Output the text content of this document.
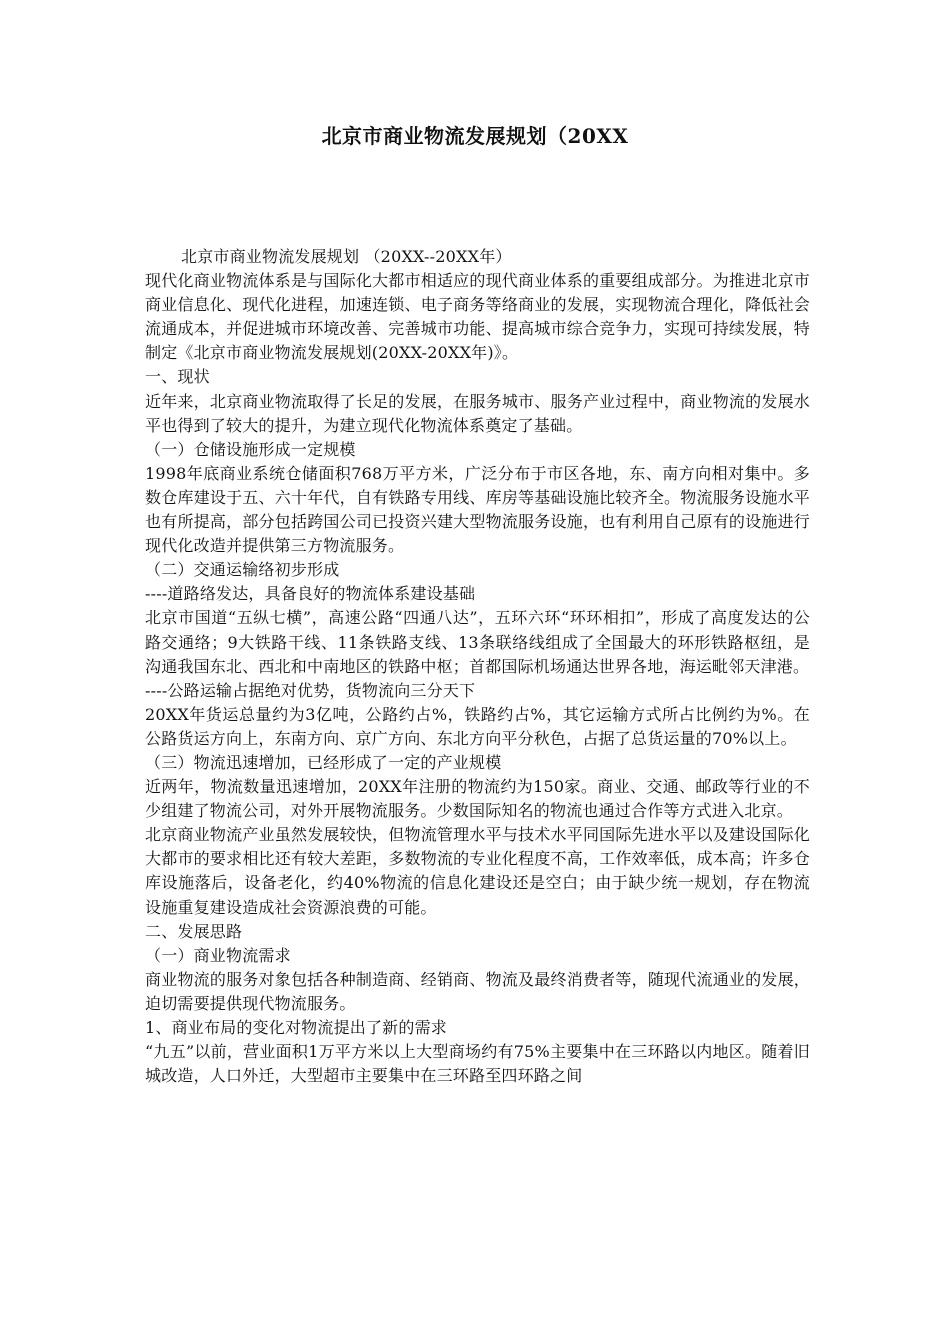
北京市商业物流发展规划（20XX

北京市商业物流发展规划 （20XX--20XX年）

现代化商业物流体系是与国际化大都市相适应的现代商业体系的重要组成部分。为推进北京市商业信息化、现代化进程，加速连锁、电子商务等络商业的发展，实现物流合理化，降低社会流通成本，并促进城市环境改善、完善城市功能、提高城市综合竞争力，实现可持续发展，特制定《北京市商业物流发展规划(20XX-20XX年)》。

一、现状

近年来，北京商业物流取得了长足的发展，在服务城市、服务产业过程中，商业物流的发展水平也得到了较大的提升，为建立现代化物流体系奠定了基础。

（一）仓储设施形成一定规模

1998年底商业系统仓储面积768万平方米，广泛分布于市区各地，东、南方向相对集中。多数仓库建设于五、六十年代，自有铁路专用线、库房等基础设施比较齐全。物流服务设施水平也有所提高，部分包括跨国公司已投资兴建大型物流服务设施，也有利用自己原有的设施进行现代化改造并提供第三方物流服务。

（二）交通运输络初步形成

----道路络发达，具备良好的物流体系建设基础

北京市国道“五纵七横”，高速公路“四通八达”，五环六环“环环相扣”，形成了高度发达的公路交通络；9大铁路干线、11条铁路支线、13条联络线组成了全国最大的环形铁路枢纽，是沟通我国东北、西北和中南地区的铁路中枢；首都国际机场通达世界各地，海运毗邻天津港。

----公路运输占据绝对优势，货物流向三分天下

20XX年货运总量约为3亿吨，公路约占%，铁路约占%，其它运输方式所占比例约为%。在公路货运方向上，东南方向、京广方向、东北方向平分秋色，占据了总货运量的70%以上。

（三）物流迅速增加，已经形成了一定的产业规模

近两年，物流数量迅速增加，20XX年注册的物流约为150家。商业、交通、邮政等行业的不少组建了物流公司，对外开展物流服务。少数国际知名的物流也通过合作等方式进入北京。

北京商业物流产业虽然发展较快，但物流管理水平与技术水平同国际先进水平以及建设国际化大都市的要求相比还有较大差距，多数物流的专业化程度不高，工作效率低，成本高；许多仓库设施落后，设备老化，约40%物流的信息化建设还是空白；由于缺少统一规划，存在物流设施重复建设造成社会资源浪费的可能。

二、发展思路

（一）商业物流需求

商业物流的服务对象包括各种制造商、经销商、物流及最终消费者等，随现代流通业的发展，迫切需要提供现代物流服务。

1、商业布局的变化对物流提出了新的需求

“九五”以前，营业面积1万平方米以上大型商场约有75%主要集中在三环路以内地区。随着旧城改造，人口外迁，大型超市主要集中在三环路至四环路之间
